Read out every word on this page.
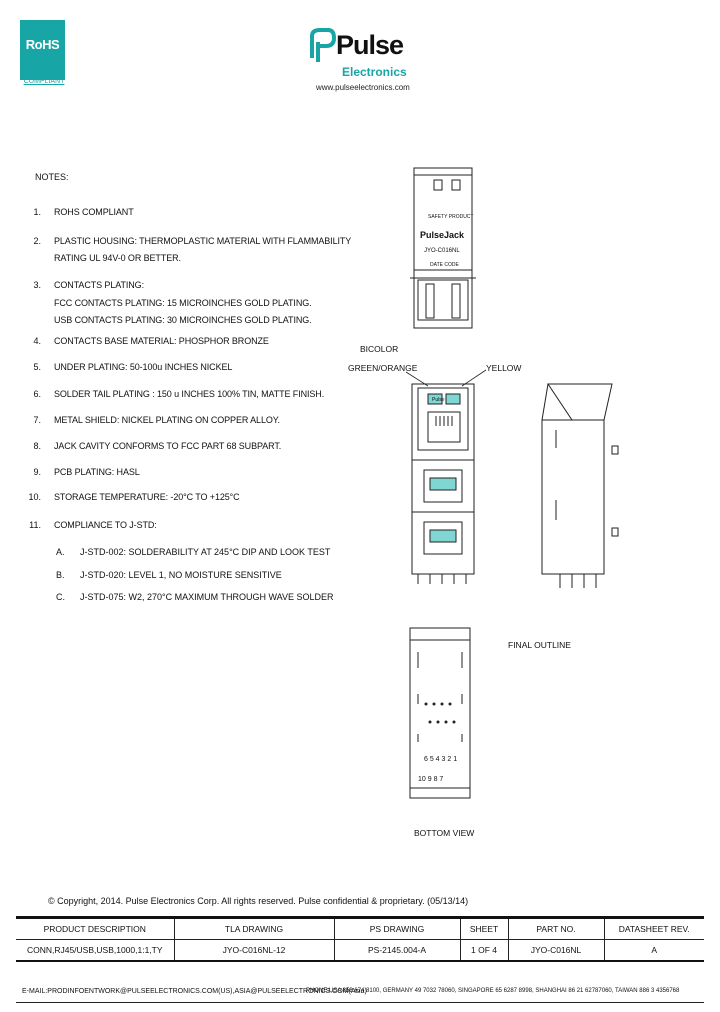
RoHS
COMPLIANT
Pulse
Pulse
Electronics
www.pulseelectronics.com
NOTES:
1. ROHS COMPLIANT
2. PLASTIC HOUSING: THERMOPLASTIC MATERIAL WITH FLAMMABILITY
RATING UL 94V-0 OR BETTER.
3. CONTACTS PLATING:
FCC CONTACTS PLATING: 15 MICROINCHES GOLD PLATING.
USB CONTACTS PLATING: 30 MICROINCHES GOLD PLATING.
4. CONTACTS BASE MATERIAL: PHOSPHOR BRONZE
5. UNDER PLATING: 50-100u INCHES NICKEL
6. SOLDER TAIL PLATING : 150 u INCHES 100% TIN, MATTE FINISH.
7. METAL SHIELD: NICKEL PLATING ON COPPER ALLOY.
8. JACK CAVITY CONFORMS TO FCC PART 68 SUBPART.
9. PCB PLATING: HASL
10. STORAGE TEMPERATURE: -20°C TO +125°C
11. COMPLIANCE TO J-STD:
A. J-STD-002: SOLDERABILITY AT 245°C DIP AND LOOK TEST
B. J-STD-020: LEVEL 1, NO MOISTURE SENSITIVE
C. J-STD-075: W2, 270°C MAXIMUM THROUGH WAVE SOLDER
SAFETY PRODUCT
PulseJack
JYO-C016NL
DATE CODE
BICOLOR
GREEN/ORANGE	YELLOW
FINAL OUTLINE
6 5 4 3 2 1
10 9 8 7
BOTTOM VIEW
© Copyright, 2014. Pulse Electronics Corp. All rights reserved. Pulse confidential & proprietary. (05/13/14)
PRODUCT DESCRIPTION	TLA DRAWING	PS DRAWING	SHEET	PART NO.	DATASHEET REV.
CONN,RJ45/USB,USB,1000,1:1,TY	JYO-C016NL-12	PS-2145.004-A	1 OF 4	JYO-C016NL	A
E-MAIL:PRODINFOENTWORK@PULSEELECTRONICS.COM(US),ASIA@PULSEELECTRONICS.COM(Asia)
PHONE:USA 858 674 8100, GERMANY 49 7032 78060, SINGAPORE 65 6287 8998, SHANGHAI 86 21 62787060, TAIWAN 886 3 4356768
